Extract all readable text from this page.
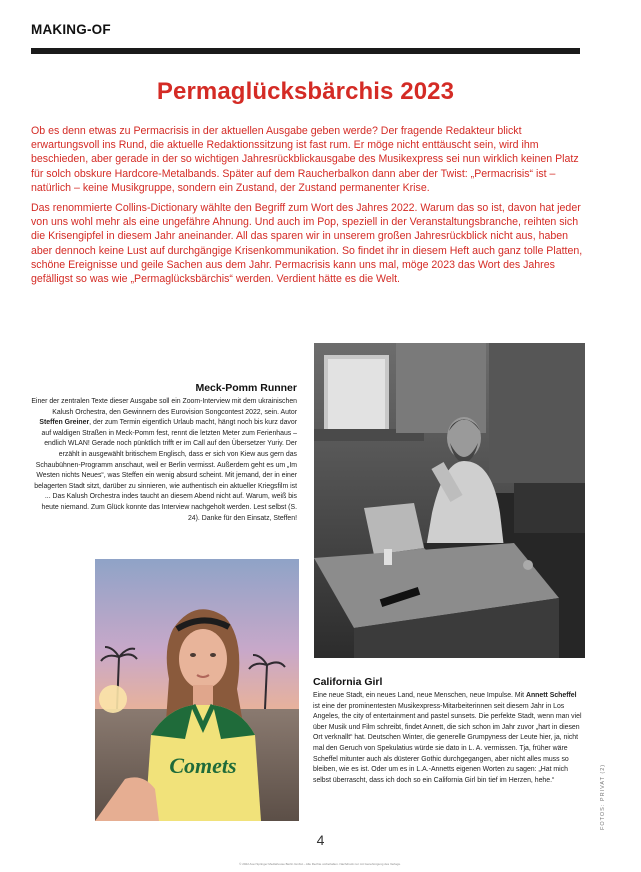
MAKING-OF
Permaglücksbärchis 2023

Ob es denn etwas zu Permacrisis in der aktuellen Ausgabe geben werde? Der fragende Redakteur blickt erwartungsvoll ins Rund, die aktuelle Redaktionssitzung ist fast rum. Er möge nicht enttäuscht sein, wird ihm beschieden, aber gerade in der so wichtigen Jahresrückblickausgabe des Musikexpress sei nun wirklich keinen Platz für solch obskure Hardcore-Metalbands. Später auf dem Raucherbalkon dann aber der Twist: „Permacrisis“ ist – natürlich – keine Musikgruppe, sondern ein Zustand, der Zustand permanenter Krise.

Das renommierte Collins-Dictionary wählte den Begriff zum Wort des Jahres 2022. Warum das so ist, davon hat jeder von uns wohl mehr als eine ungefähre Ahnung. Und auch im Pop, speziell in der Veranstaltungsbranche, reihten sich die Krisengipfel in diesem Jahr aneinander. All das sparen wir in unserem großen Jahresrückblick nicht aus, haben aber dennoch keine Lust auf durchgängige Krisenkommunikation. So findet ihr in diesem Heft auch ganz tolle Platten, schöne Ereignisse und geile Sachen aus dem Jahr. Permacrisis kann uns mal, möge 2023 das Wort des Jahres gefälligst so was wie „Permaglücksbärchis“ werden. Verdient hätte es die Welt.

Meck-Pomm Runner
Einer der zentralen Texte dieser Ausgabe soll ein Zoom-Interview mit dem ukrainischen Kalush Orchestra, den Gewinnern des Eurovision Songcontest 2022, sein. Autor Steffen Greiner, der zum Termin eigentlich Urlaub macht, hängt noch bis kurz davor auf waldigen Straßen in Meck-Pomm fest, rennt die letzten Meter zum Ferienhaus – endlich WLAN! Gerade noch pünktlich trifft er im Call auf den Übersetzer Yuriy. Der erzählt in ausgewählt britischem Englisch, dass er sich von Kiew aus gern das Schaubühnen-Programm anschaut, weil er Berlin vermisst. Außerdem geht es um „Im Westen nichts Neues“, was Steffen ein wenig absurd scheint. Mit jemand, der in einer belagerten Stadt sitzt, darüber zu sinnieren, wie authentisch ein aktueller Kriegsfilm ist ... Das Kalush Orchestra indes taucht an diesem Abend nicht auf. Warum, weiß bis heute niemand. Zum Glück konnte das Interview nachgeholt werden. Lest selbst (S. 24). Danke für den Einsatz, Steffen!
Comets
California Girl
Eine neue Stadt, ein neues Land, neue Menschen, neue Impulse. Mit Annett Scheffel ist eine der prominentesten Musikexpress-Mitarbeiterinnen seit diesem Jahr in Los Angeles, the city of entertainment and pastel sunsets. Die perfekte Stadt, wenn man viel über Musik und Film schreibt, findet Annett, die sich schon im Jahr zuvor „hart in diesen Ort verknallt“ hat. Deutschen Winter, die generelle Grumpyness der Leute hier, ja, nicht mal den Geruch von Spekulatius würde sie dato in L. A. vermissen. Tja, früher wäre Scheffel mitunter auch als düsterer Gothic durchgegangen, aber nicht alles muss so bleiben, wie es ist. Oder um es in L.A.-Annetts eigenen Worten zu sagen: „Hat mich selbst überrascht, dass ich doch so ein California Girl bin tief im Herzen, hehe.“	FOTOS: PRIVAT (2)
4
© 2022 Axel Springer Mediahouse Berlin GmbH – Alle Rechte vorbehalten. Nachdruck nur mit Genehmigung des Verlags.
